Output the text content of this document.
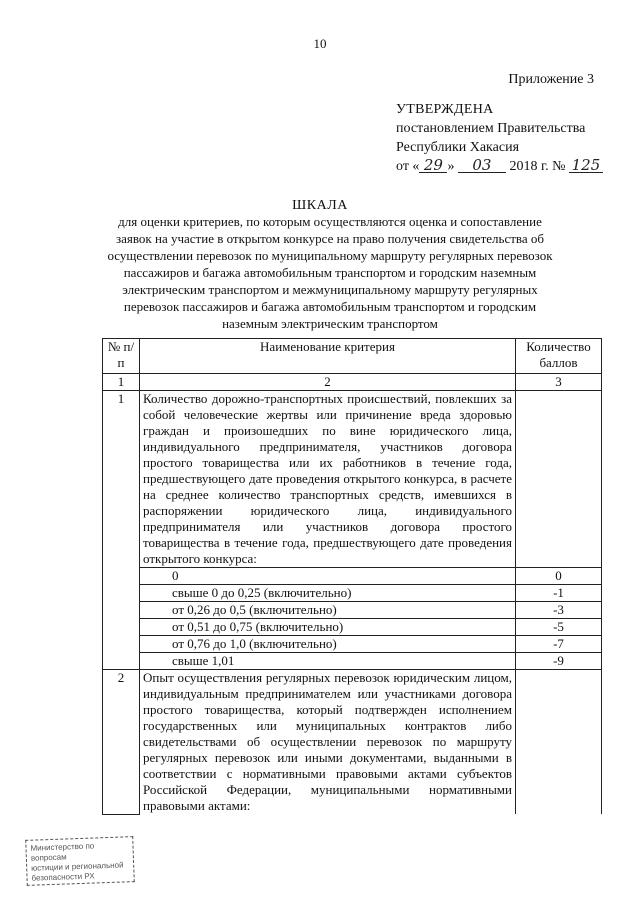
10
Приложение 3
УТВЕРЖДЕНА
постановлением Правительства
Республики Хакасия
от « 29 » 03 2018 г. № 125
ШКАЛА
для оценки критериев, по которым осуществляются оценка и сопоставление заявок на участие в открытом конкурсе на право получения свидетельства об осуществлении перевозок по муниципальному маршруту регулярных перевозок пассажиров и багажа автомобильным транспортом и городским наземным электрическим транспортом и межмуниципальному маршруту регулярных перевозок пассажиров и багажа автомобильным транспортом и городским наземным электрическим транспортом
№ п/п	Наименование критерия	Количество баллов
1	2	3
1	Количество дорожно-транспортных происшествий, повлекших за собой человеческие жертвы или причинение вреда здоровью граждан и произошедших по вине юридического лица, индивидуального предпринимателя, участников договора простого товарищества или их работников в течение года, предшествующего дате проведения открытого конкурса, в расчете на среднее количество транспортных средств, имевшихся в распоряжении юридического лица, индивидуального предпринимателя или участников договора простого товарищества в течение года, предшествующего дате проведения открытого конкурса:	
	0	0
	свыше 0 до 0,25 (включительно)	-1
	от 0,26 до 0,5 (включительно)	-3
	от 0,51 до 0,75 (включительно)	-5
	от 0,76 до 1,0 (включительно)	-7
	свыше 1,01	-9
2	Опыт осуществления регулярных перевозок юридическим лицом, индивидуальным предпринимателем или участниками договора простого товарищества, который подтвержден исполнением государственных или муниципальных контрактов либо свидетельствами об осуществлении перевозок по маршруту регулярных перевозок или иными документами, выданными в соответствии с нормативными правовыми актами субъектов Российской Федерации, муниципальными нормативными правовыми актами:	
Министерство по вопросам
юстиции и региональной
безопасности РХ
